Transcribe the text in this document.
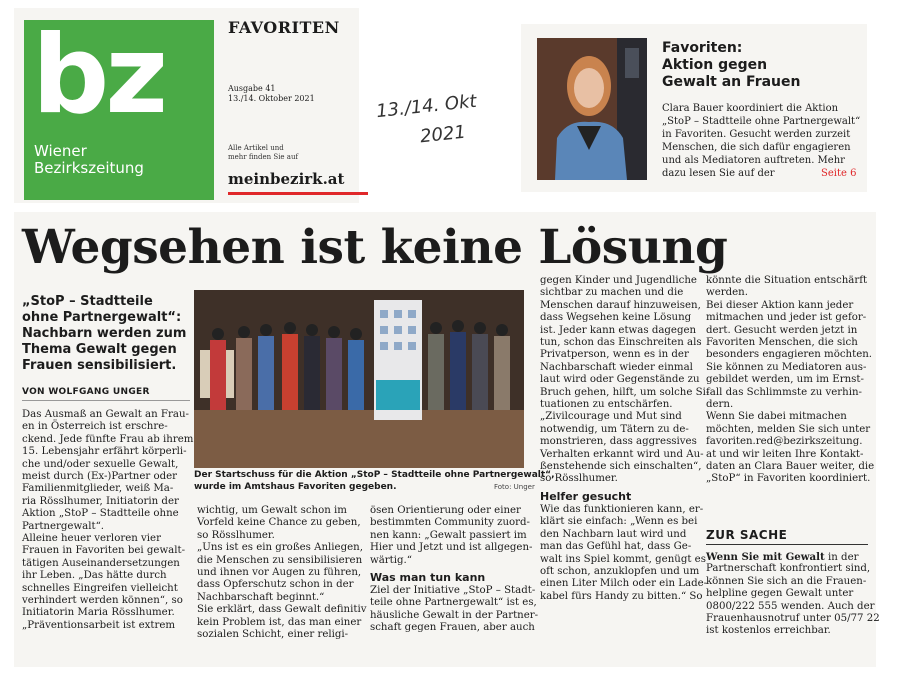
bz
Wiener
Bezirkszeitung
FAVORITEN
Ausgabe 41
13./14. Oktober 2021
Alle Artikel und
mehr finden Sie auf
meinbezirk.at
13./14. Okt
2021
Favoriten:
Aktion gegen
Gewalt an Frauen
Clara Bauer koordiniert die Aktion
„StoP – Stadtteile ohne Partnergewalt“
in Favoriten. Gesucht werden zurzeit
Menschen, die sich dafür engagieren
und als Mediatoren auftreten. Mehr
dazu lesen Sie auf der	Seite 6
Wegsehen ist keine Lösung
„StoP – Stadtteile
ohne Partnergewalt“:
Nachbarn werden zum
Thema Gewalt gegen
Frauen sensibilisiert.
VON WOLFGANG UNGER
Das Ausmaß an Gewalt an Frau-
en in Österreich ist erschre-
ckend. Jede fünfte Frau ab ihrem
15. Lebensjahr erfährt körperli-
che und/oder sexuelle Gewalt,
meist durch (Ex-)Partner oder
Familienmitglieder, weiß Ma-
ria Rösslhumer, Initiatorin der
Aktion „StoP – Stadtteile ohne
Partnergewalt“.
Alleine heuer verloren vier
Frauen in Favoriten bei gewalt-
tätigen Auseinandersetzungen
ihr Leben. „Das hätte durch
schnelles Eingreifen vielleicht
verhindert werden können“, so
Initiatorin Maria Rösslhumer.
„Präventionsarbeit ist extrem
Der Startschuss für die Aktion „StoP – Stadtteile ohne Partnergewalt“,
wurde im Amtshaus Favoriten gegeben.	Foto: Unger
wichtig, um Gewalt schon im
Vorfeld keine Chance zu geben,
so Rösslhumer.
„Uns ist es ein großes Anliegen,
die Menschen zu sensibilisieren
und ihnen vor Augen zu führen,
dass Opferschutz schon in der
Nachbarschaft beginnt.“
Sie erklärt, dass Gewalt definitiv
kein Problem ist, das man einer
sozialen Schicht, einer religi-
ösen Orientierung oder einer
bestimmten Community zuord-
nen kann: „Gewalt passiert im
Hier und Jetzt und ist allgegen-
wärtig.“
Was man tun kann
Ziel der Initiative „StoP – Stadt-
teile ohne Partnergewalt“ ist es,
häusliche Gewalt in der Partner-
schaft gegen Frauen, aber auch
gegen Kinder und Jugendliche
sichtbar zu machen und die
Menschen darauf hinzuweisen,
dass Wegsehen keine Lösung
ist. Jeder kann etwas dagegen
tun, schon das Einschreiten als
Privatperson, wenn es in der
Nachbarschaft wieder einmal
laut wird oder Gegenstände zu
Bruch gehen, hilft, um solche Si-
tuationen zu entschärfen.
„Zivilcourage und Mut sind
notwendig, um Tätern zu de-
monstrieren, dass aggressives
Verhalten erkannt wird und Au-
ßenstehende sich einschalten“,
so Rösslhumer.
Helfer gesucht
Wie das funktionieren kann, er-
klärt sie einfach: „Wenn es bei
den Nachbarn laut wird und
man das Gefühl hat, dass Ge-
walt ins Spiel kommt, genügt es
oft schon, anzuklopfen und um
einen Liter Milch oder ein Lade-
kabel fürs Handy zu bitten.“ So
könnte die Situation entschärft
werden.
Bei dieser Aktion kann jeder
mitmachen und jeder ist gefor-
dert. Gesucht werden jetzt in
Favoriten Menschen, die sich
besonders engagieren möchten.
Sie können zu Mediatoren aus-
gebildet werden, um im Ernst-
fall das Schlimmste zu verhin-
dern.
Wenn Sie dabei mitmachen
möchten, melden Sie sich unter
favoriten.red@bezirkszeitung.
at und wir leiten Ihre Kontakt-
daten an Clara Bauer weiter, die
„StoP“ in Favoriten koordiniert.
ZUR SACHE
Wenn Sie mit Gewalt in der
Partnerschaft konfrontiert sind,
können Sie sich an die Frauen-
helpline gegen Gewalt unter
0800/222 555 wenden. Auch der
Frauenhausnotruf unter 05/77 22
ist kostenlos erreichbar.
